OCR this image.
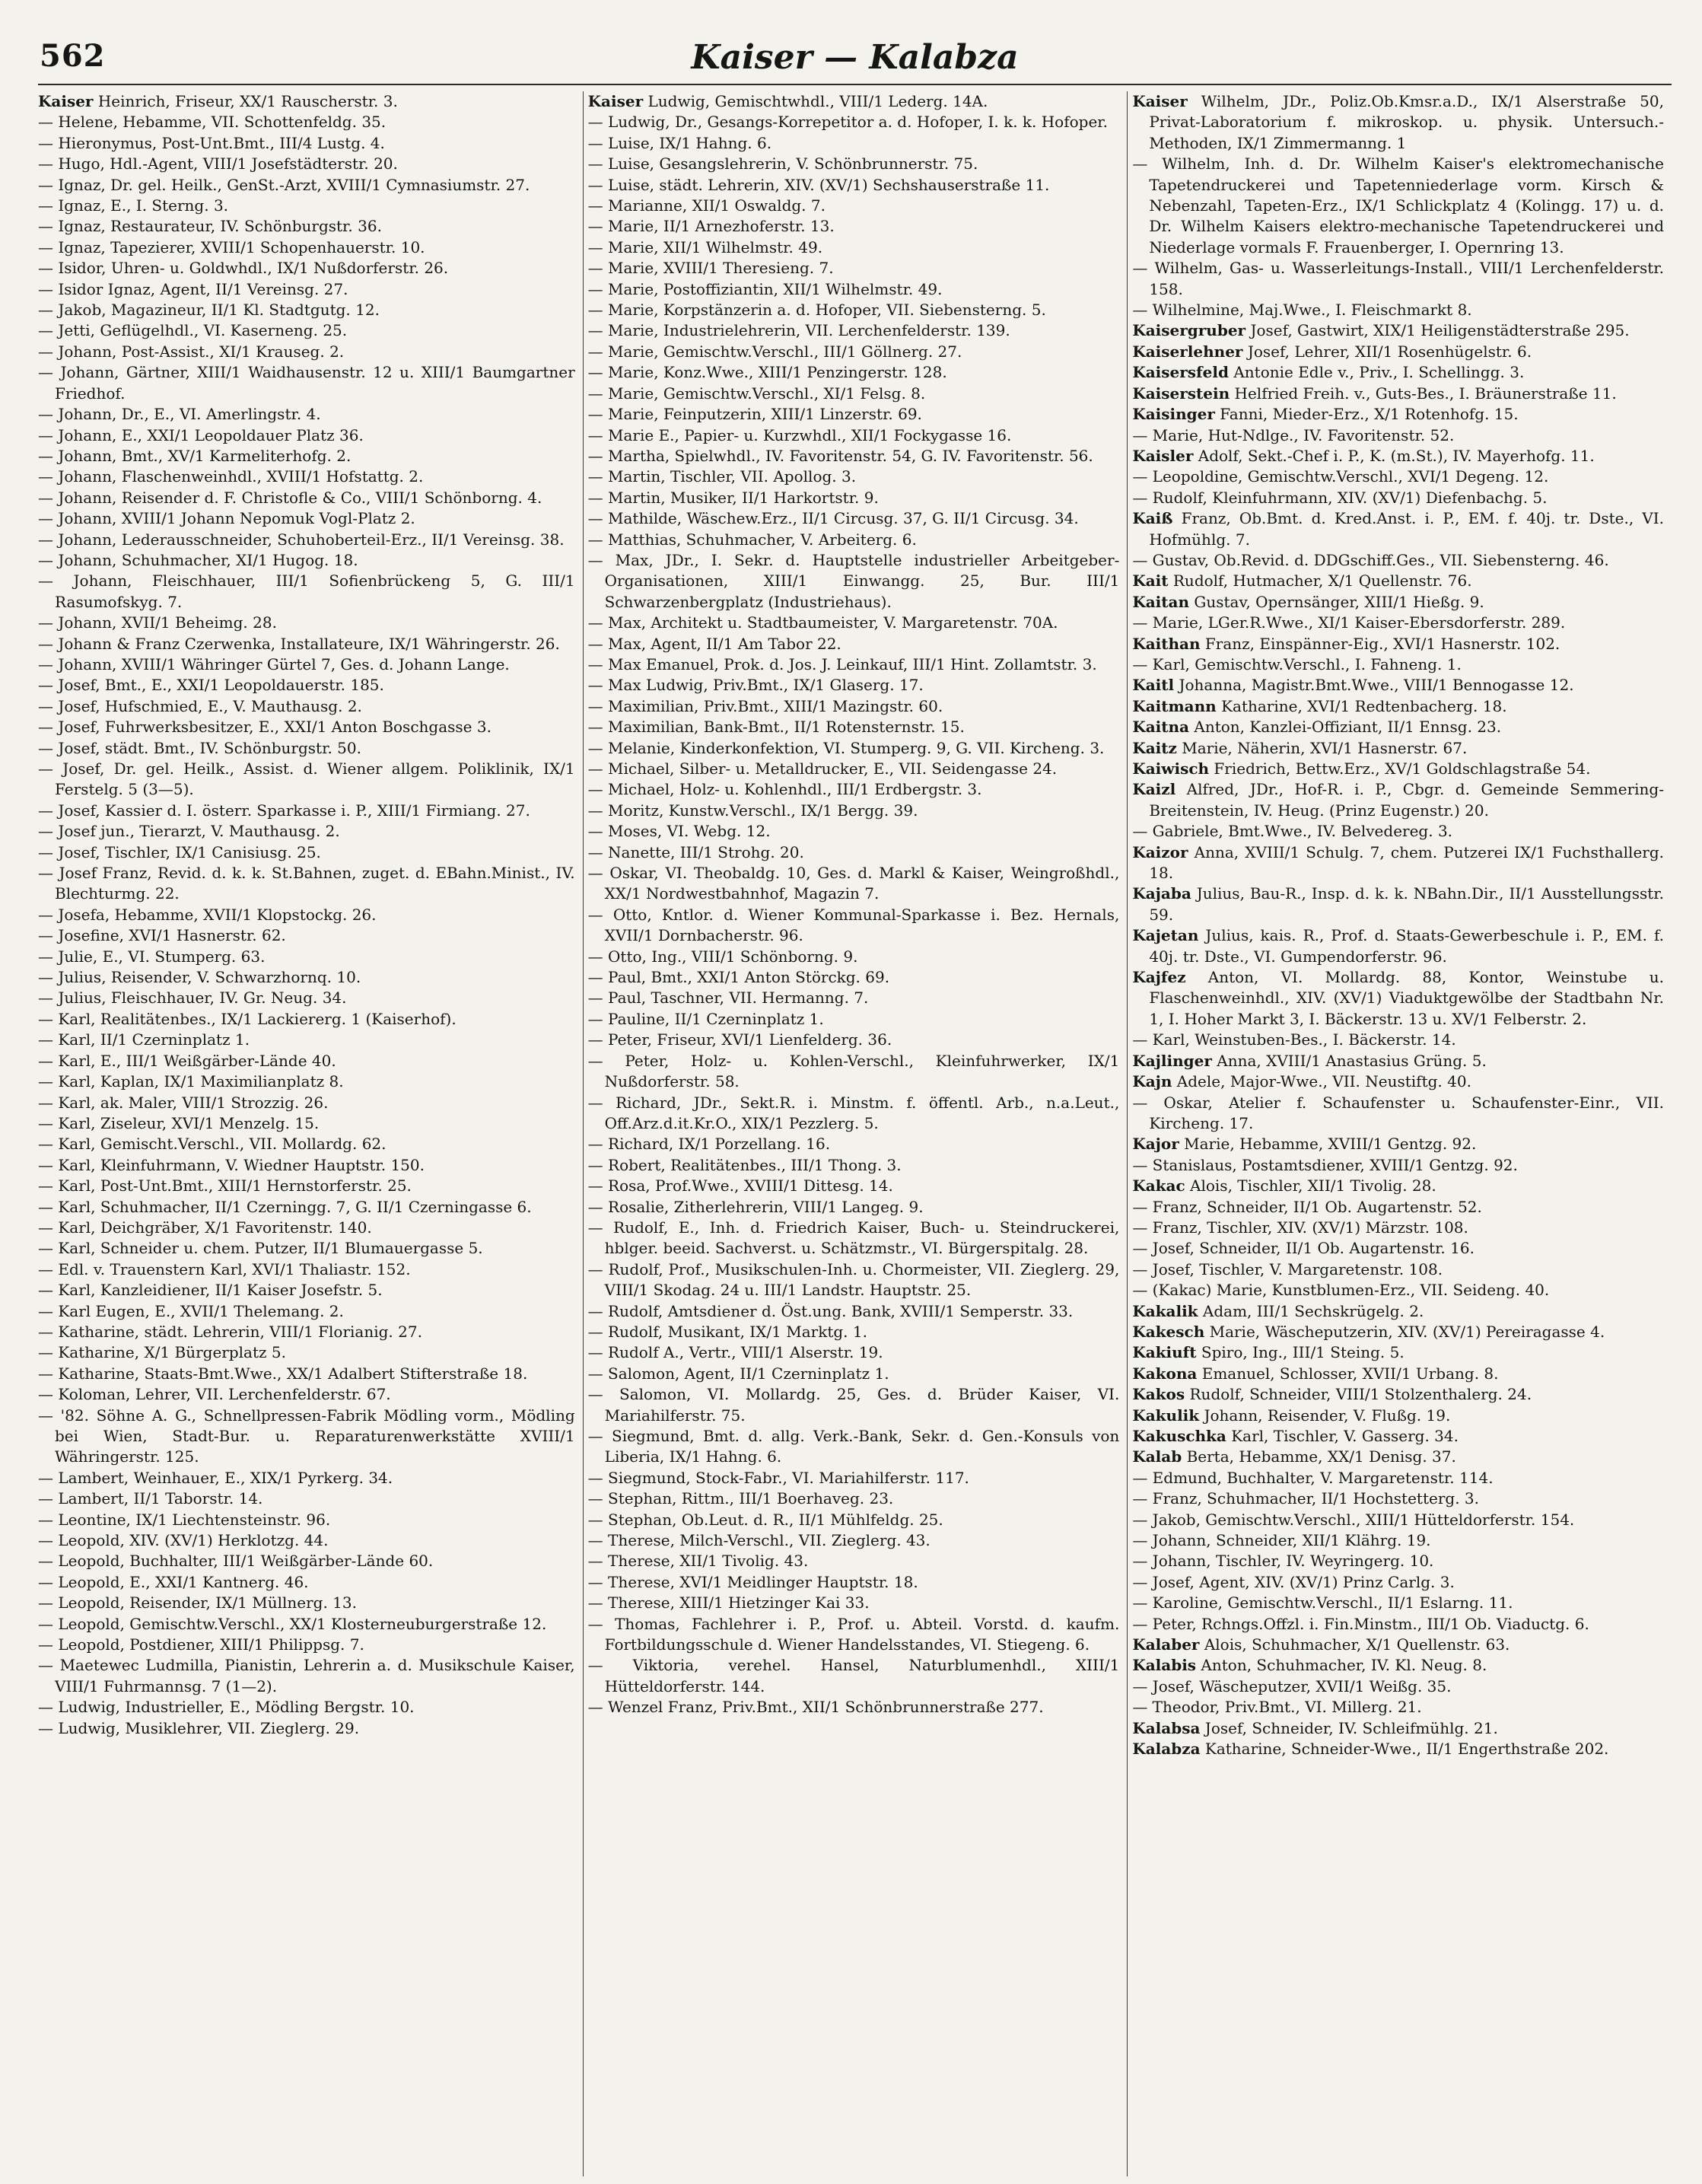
562	Kaiser — Kalabza

Kaiser Heinrich, Friseur, XX/1 Rauscherstr. 3.

— Helene, Hebamme, VII. Schottenfeldg. 35.

— Hieronymus, Post-Unt.Bmt., III/4 Lustg. 4.

— Hugo, Hdl.-Agent, VIII/1 Josefstädterstr. 20.

— Ignaz, Dr. gel. Heilk., GenSt.-Arzt, XVIII/1 Cymnasiumstr. 27.

— Ignaz, E., I. Sterng. 3.

— Ignaz, Restaurateur, IV. Schönburgstr. 36.

— Ignaz, Tapezierer, XVIII/1 Schopenhauerstr. 10.

— Isidor, Uhren- u. Goldwhdl., IX/1 Nußdorferstr. 26.

— Isidor Ignaz, Agent, II/1 Vereinsg. 27.

— Jakob, Magazineur, II/1 Kl. Stadtgutg. 12.

— Jetti, Geflügelhdl., VI. Kaserneng. 25.

— Johann, Post-Assist., XI/1 Krauseg. 2.

— Johann, Gärtner, XIII/1 Waidhausenstr. 12 u. XIII/1 Baumgartner Friedhof.

— Johann, Dr., E., VI. Amerlingstr. 4.

— Johann, E., XXI/1 Leopoldauer Platz 36.

— Johann, Bmt., XV/1 Karmeliterhofg. 2.

— Johann, Flaschenweinhdl., XVIII/1 Hofstattg. 2.

— Johann, Reisender d. F. Christofle & Co., VIII/1 Schönborng. 4.

— Johann, XVIII/1 Johann Nepomuk Vogl-Platz 2.

— Johann, Lederausschneider, Schuhoberteil-Erz., II/1 Vereinsg. 38.

— Johann, Schuhmacher, XI/1 Hugog. 18.

— Johann, Fleischhauer, III/1 Sofienbrückeng 5, G. III/1 Rasumofskyg. 7.

— Johann, XVII/1 Beheimg. 28.

— Johann & Franz Czerwenka, Installateure, IX/1 Währingerstr. 26.

— Johann, XVIII/1 Währinger Gürtel 7, Ges. d. Johann Lange.

— Josef, Bmt., E., XXI/1 Leopoldauerstr. 185.

— Josef, Hufschmied, E., V. Mauthausg. 2.

— Josef, Fuhrwerksbesitzer, E., XXI/1 Anton Boschgasse 3.

— Josef, städt. Bmt., IV. Schönburgstr. 50.

— Josef, Dr. gel. Heilk., Assist. d. Wiener allgem. Poliklinik, IX/1 Ferstelg. 5 (3—5).

— Josef, Kassier d. I. österr. Sparkasse i. P., XIII/1 Firmiang. 27.

— Josef jun., Tierarzt, V. Mauthausg. 2.

— Josef, Tischler, IX/1 Canisiusg. 25.

— Josef Franz, Revid. d. k. k. St.Bahnen, zuget. d. EBahn.Minist., IV. Blechturmg. 22.

— Josefa, Hebamme, XVII/1 Klopstockg. 26.

— Josefine, XVI/1 Hasnerstr. 62.

— Julie, E., VI. Stumperg. 63.

— Julius, Reisender, V. Schwarzhornq. 10.

— Julius, Fleischhauer, IV. Gr. Neug. 34.

— Karl, Realitätenbes., IX/1 Lackiererg. 1 (Kaiserhof).

— Karl, II/1 Czerninplatz 1.

— Karl, E., III/1 Weißgärber-Lände 40.

— Karl, Kaplan, IX/1 Maximilianplatz 8.

— Karl, ak. Maler, VIII/1 Strozzig. 26.

— Karl, Ziseleur, XVI/1 Menzelg. 15.

— Karl, Gemischt.Verschl., VII. Mollardg. 62.

— Karl, Kleinfuhrmann, V. Wiedner Hauptstr. 150.

— Karl, Post-Unt.Bmt., XIII/1 Hernstorferstr. 25.

— Karl, Schuhmacher, II/1 Czerningg. 7, G. II/1 Czerningasse 6.

— Karl, Deichgräber, X/1 Favoritenstr. 140.

— Karl, Schneider u. chem. Putzer, II/1 Blumauergasse 5.

— Edl. v. Trauenstern Karl, XVI/1 Thaliastr. 152.

— Karl, Kanzleidiener, II/1 Kaiser Josefstr. 5.

— Karl Eugen, E., XVII/1 Thelemang. 2.

— Katharine, städt. Lehrerin, VIII/1 Florianig. 27.

— Katharine, X/1 Bürgerplatz 5.

— Katharine, Staats-Bmt.Wwe., XX/1 Adalbert Stifterstraße 18.

— Koloman, Lehrer, VII. Lerchenfelderstr. 67.

— '82. Söhne A. G., Schnellpressen-Fabrik Mödling vorm., Mödling bei Wien, Stadt-Bur. u. Reparaturenwerkstätte XVIII/1 Währingerstr. 125.

— Lambert, Weinhauer, E., XIX/1 Pyrkerg. 34.

— Lambert, II/1 Taborstr. 14.

— Leontine, IX/1 Liechtensteinstr. 96.

— Leopold, XIV. (XV/1) Herklotzg. 44.

— Leopold, Buchhalter, III/1 Weißgärber-Lände 60.

— Leopold, E., XXI/1 Kantnerg. 46.

— Leopold, Reisender, IX/1 Müllnerg. 13.

— Leopold, Gemischtw.Verschl., XX/1 Klosterneuburgerstraße 12.

— Leopold, Postdiener, XIII/1 Philippsg. 7.

— Maetewec Ludmilla, Pianistin, Lehrerin a. d. Musikschule Kaiser, VIII/1 Fuhrmannsg. 7 (1—2).

— Ludwig, Industrieller, E., Mödling Bergstr. 10.

— Ludwig, Musiklehrer, VII. Zieglerg. 29.

Kaiser Ludwig, Gemischtwhdl., VIII/1 Lederg. 14A.

— Ludwig, Dr., Gesangs-Korrepetitor a. d. Hofoper, I. k. k. Hofoper.

— Luise, IX/1 Hahng. 6.

— Luise, Gesangslehrerin, V. Schönbrunnerstr. 75.

— Luise, städt. Lehrerin, XIV. (XV/1) Sechshauserstraße 11.

— Marianne, XII/1 Oswaldg. 7.

— Marie, II/1 Arnezhoferstr. 13.

— Marie, XII/1 Wilhelmstr. 49.

— Marie, XVIII/1 Theresieng. 7.

— Marie, Postoffiziantin, XII/1 Wilhelmstr. 49.

— Marie, Korpstänzerin a. d. Hofoper, VII. Siebensterng. 5.

— Marie, Industrielehrerin, VII. Lerchenfelderstr. 139.

— Marie, Gemischtw.Verschl., III/1 Göllnerg. 27.

— Marie, Konz.Wwe., XIII/1 Penzingerstr. 128.

— Marie, Gemischtw.Verschl., XI/1 Felsg. 8.

— Marie, Feinputzerin, XIII/1 Linzerstr. 69.

— Marie E., Papier- u. Kurzwhdl., XII/1 Fockygasse 16.

— Martha, Spielwhdl., IV. Favoritenstr. 54, G. IV. Favoritenstr. 56.

— Martin, Tischler, VII. Apollog. 3.

— Martin, Musiker, II/1 Harkortstr. 9.

— Mathilde, Wäschew.Erz., II/1 Circusg. 37, G. II/1 Circusg. 34.

— Matthias, Schuhmacher, V. Arbeiterg. 6.

— Max, JDr., I. Sekr. d. Hauptstelle industrieller Arbeitgeber-Organisationen, XIII/1 Einwangg. 25, Bur. III/1 Schwarzenbergplatz (Industriehaus).

— Max, Architekt u. Stadtbaumeister, V. Margaretenstr. 70A.

— Max, Agent, II/1 Am Tabor 22.

— Max Emanuel, Prok. d. Jos. J. Leinkauf, III/1 Hint. Zollamtstr. 3.

— Max Ludwig, Priv.Bmt., IX/1 Glaserg. 17.

— Maximilian, Priv.Bmt., XIII/1 Mazingstr. 60.

— Maximilian, Bank-Bmt., II/1 Rotensternstr. 15.

— Melanie, Kinderkonfektion, VI. Stumperg. 9, G. VII. Kircheng. 3.

— Michael, Silber- u. Metalldrucker, E., VII. Seidengasse 24.

— Michael, Holz- u. Kohlenhdl., III/1 Erdbergstr. 3.

— Moritz, Kunstw.Verschl., IX/1 Bergg. 39.

— Moses, VI. Webg. 12.

— Nanette, III/1 Strohg. 20.

— Oskar, VI. Theobaldg. 10, Ges. d. Markl & Kaiser, Weingroßhdl., XX/1 Nordwestbahnhof, Magazin 7.

— Otto, Kntlor. d. Wiener Kommunal-Sparkasse i. Bez. Hernals, XVII/1 Dornbacherstr. 96.

— Otto, Ing., VIII/1 Schönborng. 9.

— Paul, Bmt., XXI/1 Anton Störckg. 69.

— Paul, Taschner, VII. Hermanng. 7.

— Pauline, II/1 Czerninplatz 1.

— Peter, Friseur, XVI/1 Lienfelderg. 36.

— Peter, Holz- u. Kohlen-Verschl., Kleinfuhrwerker, IX/1 Nußdorferstr. 58.

— Richard, JDr., Sekt.R. i. Minstm. f. öffentl. Arb., n.a.Leut., Off.Arz.d.it.Kr.O., XIX/1 Pezzlerg. 5.

— Richard, IX/1 Porzellang. 16.

— Robert, Realitätenbes., III/1 Thong. 3.

— Rosa, Prof.Wwe., XVIII/1 Dittesg. 14.

— Rosalie, Zitherlehrerin, VIII/1 Langeg. 9.

— Rudolf, E., Inh. d. Friedrich Kaiser, Buch- u. Steindruckerei, hblger. beeid. Sachverst. u. Schätzmstr., VI. Bürgerspitalg. 28.

— Rudolf, Prof., Musikschulen-Inh. u. Chormeister, VII. Zieglerg. 29, VIII/1 Skodag. 24 u. III/1 Landstr. Hauptstr. 25.

— Rudolf, Amtsdiener d. Öst.ung. Bank, XVIII/1 Semperstr. 33.

— Rudolf, Musikant, IX/1 Marktg. 1.

— Rudolf A., Vertr., VIII/1 Alserstr. 19.

— Salomon, Agent, II/1 Czerninplatz 1.

— Salomon, VI. Mollardg. 25, Ges. d. Brüder Kaiser, VI. Mariahilferstr. 75.

— Siegmund, Bmt. d. allg. Verk.-Bank, Sekr. d. Gen.-Konsuls von Liberia, IX/1 Hahng. 6.

— Siegmund, Stock-Fabr., VI. Mariahilferstr. 117.

— Stephan, Rittm., III/1 Boerhaveg. 23.

— Stephan, Ob.Leut. d. R., II/1 Mühlfeldg. 25.

— Therese, Milch-Verschl., VII. Zieglerg. 43.

— Therese, XII/1 Tivolig. 43.

— Therese, XVI/1 Meidlinger Hauptstr. 18.

— Therese, XIII/1 Hietzinger Kai 33.

— Thomas, Fachlehrer i. P., Prof. u. Abteil. Vorstd. d. kaufm. Fortbildungsschule d. Wiener Handelsstandes, VI. Stiegeng. 6.

— Viktoria, verehel. Hansel, Naturblumenhdl., XIII/1 Hütteldorferstr. 144.

— Wenzel Franz, Priv.Bmt., XII/1 Schönbrunnerstraße 277.

Kaiser Wilhelm, JDr., Poliz.Ob.Kmsr.a.D., IX/1 Alserstraße 50, Privat-Laboratorium f. mikroskop. u. physik. Untersuch.-Methoden, IX/1 Zimmermanng. 1

— Wilhelm, Inh. d. Dr. Wilhelm Kaiser's elektromechanische Tapetendruckerei und Tapetenniederlage vorm. Kirsch & Nebenzahl, Tapeten-Erz., IX/1 Schlickplatz 4 (Kolingg. 17) u. d. Dr. Wilhelm Kaisers elektro-mechanische Tapetendruckerei und Niederlage vormals F. Frauenberger, I. Opernring 13.

— Wilhelm, Gas- u. Wasserleitungs-Install., VIII/1 Lerchenfelderstr. 158.

— Wilhelmine, Maj.Wwe., I. Fleischmarkt 8.

Kaisergruber Josef, Gastwirt, XIX/1 Heiligenstädterstraße 295.

Kaiserlehner Josef, Lehrer, XII/1 Rosenhügelstr. 6.

Kaisersfeld Antonie Edle v., Priv., I. Schellingg. 3.

Kaiserstein Helfried Freih. v., Guts-Bes., I. Bräunerstraße 11.

Kaisinger Fanni, Mieder-Erz., X/1 Rotenhofg. 15.

— Marie, Hut-Ndlge., IV. Favoritenstr. 52.

Kaisler Adolf, Sekt.-Chef i. P., K. (m.St.), IV. Mayerhofg. 11.

— Leopoldine, Gemischtw.Verschl., XVI/1 Degeng. 12.

— Rudolf, Kleinfuhrmann, XIV. (XV/1) Diefenbachg. 5.

Kaiß Franz, Ob.Bmt. d. Kred.Anst. i. P., EM. f. 40j. tr. Dste., VI. Hofmühlg. 7.

— Gustav, Ob.Revid. d. DDGschiff.Ges., VII. Siebensterng. 46.

Kait Rudolf, Hutmacher, X/1 Quellenstr. 76.

Kaitan Gustav, Opernsänger, XIII/1 Hießg. 9.

— Marie, LGer.R.Wwe., XI/1 Kaiser-Ebersdorferstr. 289.

Kaithan Franz, Einspänner-Eig., XVI/1 Hasnerstr. 102.

— Karl, Gemischtw.Verschl., I. Fahneng. 1.

Kaitl Johanna, Magistr.Bmt.Wwe., VIII/1 Bennogasse 12.

Kaitmann Katharine, XVI/1 Redtenbacherg. 18.

Kaitna Anton, Kanzlei-Offiziant, II/1 Ennsg. 23.

Kaitz Marie, Näherin, XVI/1 Hasnerstr. 67.

Kaiwisch Friedrich, Bettw.Erz., XV/1 Goldschlagstraße 54.

Kaizl Alfred, JDr., Hof-R. i. P., Cbgr. d. Gemeinde Semmering-Breitenstein, IV. Heug. (Prinz Eugenstr.) 20.

— Gabriele, Bmt.Wwe., IV. Belvedereg. 3.

Kaizor Anna, XVIII/1 Schulg. 7, chem. Putzerei IX/1 Fuchsthallerg. 18.

Kajaba Julius, Bau-R., Insp. d. k. k. NBahn.Dir., II/1 Ausstellungsstr. 59.

Kajetan Julius, kais. R., Prof. d. Staats-Gewerbeschule i. P., EM. f. 40j. tr. Dste., VI. Gumpendorferstr. 96.

Kajfez Anton, VI. Mollardg. 88, Kontor, Weinstube u. Flaschenweinhdl., XIV. (XV/1) Viaduktgewölbe der Stadtbahn Nr. 1, I. Hoher Markt 3, I. Bäckerstr. 13 u. XV/1 Felberstr. 2.

— Karl, Weinstuben-Bes., I. Bäckerstr. 14.

Kajlinger Anna, XVIII/1 Anastasius Grüng. 5.

Kajn Adele, Major-Wwe., VII. Neustiftg. 40.

— Oskar, Atelier f. Schaufenster u. Schaufenster-Einr., VII. Kircheng. 17.

Kajor Marie, Hebamme, XVIII/1 Gentzg. 92.

— Stanislaus, Postamtsdiener, XVIII/1 Gentzg. 92.

Kakac Alois, Tischler, XII/1 Tivolig. 28.

— Franz, Schneider, II/1 Ob. Augartenstr. 52.

— Franz, Tischler, XIV. (XV/1) Märzstr. 108.

— Josef, Schneider, II/1 Ob. Augartenstr. 16.

— Josef, Tischler, V. Margaretenstr. 108.

— (Kakac) Marie, Kunstblumen-Erz., VII. Seideng. 40.

Kakalik Adam, III/1 Sechskrügelg. 2.

Kakesch Marie, Wäscheputzerin, XIV. (XV/1) Pereiragasse 4.

Kakiuft Spiro, Ing., III/1 Steing. 5.

Kakona Emanuel, Schlosser, XVII/1 Urbang. 8.

Kakos Rudolf, Schneider, VIII/1 Stolzenthalerg. 24.

Kakulik Johann, Reisender, V. Flußg. 19.

Kakuschka Karl, Tischler, V. Gasserg. 34.

Kalab Berta, Hebamme, XX/1 Denisg. 37.

— Edmund, Buchhalter, V. Margaretenstr. 114.

— Franz, Schuhmacher, II/1 Hochstetterg. 3.

— Jakob, Gemischtw.Verschl., XIII/1 Hütteldorferstr. 154.

— Johann, Schneider, XII/1 Klährg. 19.

— Johann, Tischler, IV. Weyringerg. 10.

— Josef, Agent, XIV. (XV/1) Prinz Carlg. 3.

— Karoline, Gemischtw.Verschl., II/1 Eslarng. 11.

— Peter, Rchngs.Offzl. i. Fin.Minstm., III/1 Ob. Viaductg. 6.

Kalaber Alois, Schuhmacher, X/1 Quellenstr. 63.

Kalabis Anton, Schuhmacher, IV. Kl. Neug. 8.

— Josef, Wäscheputzer, XVII/1 Weißg. 35.

— Theodor, Priv.Bmt., VI. Millerg. 21.

Kalabsa Josef, Schneider, IV. Schleifmühlg. 21.

Kalabza Katharine, Schneider-Wwe., II/1 Engerthstraße 202.
